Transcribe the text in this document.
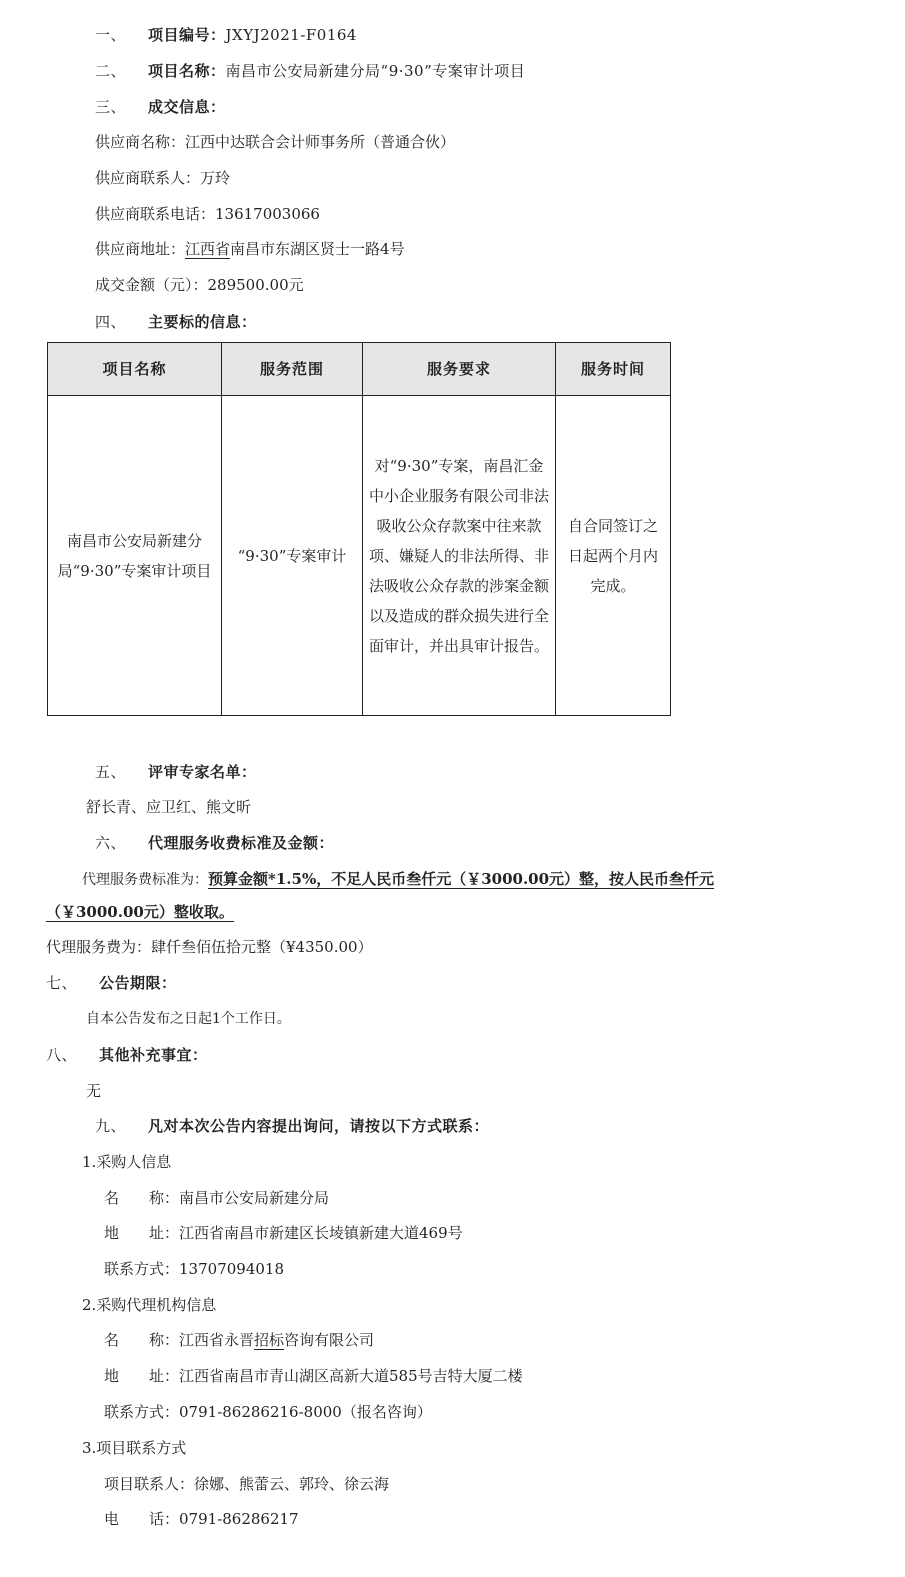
一、 项目编号：JXYJ2021-F0164
二、 项目名称：南昌市公安局新建分局“9·30”专案审计项目
三、 成交信息：
供应商名称：江西中达联合会计师事务所（普通合伙）
供应商联系人：万玲
供应商联系电话：13617003066
供应商地址：江西省南昌市东湖区贤士一路4号
成交金额（元）：289500.00元
四、 主要标的信息：
项目名称	服务范围	服务要求	服务时间
南昌市公安局新建分局“9·30”专案审计项目	“9·30”专案审计	对“9·30”专案，南昌汇金中小企业服务有限公司非法吸收公众存款案中往来款项、嫌疑人的非法所得、非法吸收公众存款的涉案金额以及造成的群众损失进行全面审计，并出具审计报告。	自合同签订之日起两个月内完成。
五、 评审专家名单：
舒长青、应卫红、熊文昕
六、 代理服务收费标准及金额：
代理服务费标准为：预算金额*1.5%，不足人民币叁仟元（￥3000.00元）整，按人民币叁仟元
（￥3000.00元）整收取。
代理服务费为：肆仟叁佰伍拾元整（¥4350.00）
七、 公告期限：
自本公告发布之日起1个工作日。
八、 其他补充事宜：
无
九、 凡对本次公告内容提出询问，请按以下方式联系：
1.采购人信息
名　　称：南昌市公安局新建分局
地　　址：江西省南昌市新建区长堎镇新建大道469号
联系方式：13707094018
2.采购代理机构信息
名　　称：江西省永晋招标咨询有限公司
地　　址：江西省南昌市青山湖区高新大道585号吉特大厦二楼
联系方式：0791-86286216-8000（报名咨询）
3.项目联系方式
项目联系人：徐娜、熊蕾云、郭玲、徐云海
电　　话：0791-86286217
